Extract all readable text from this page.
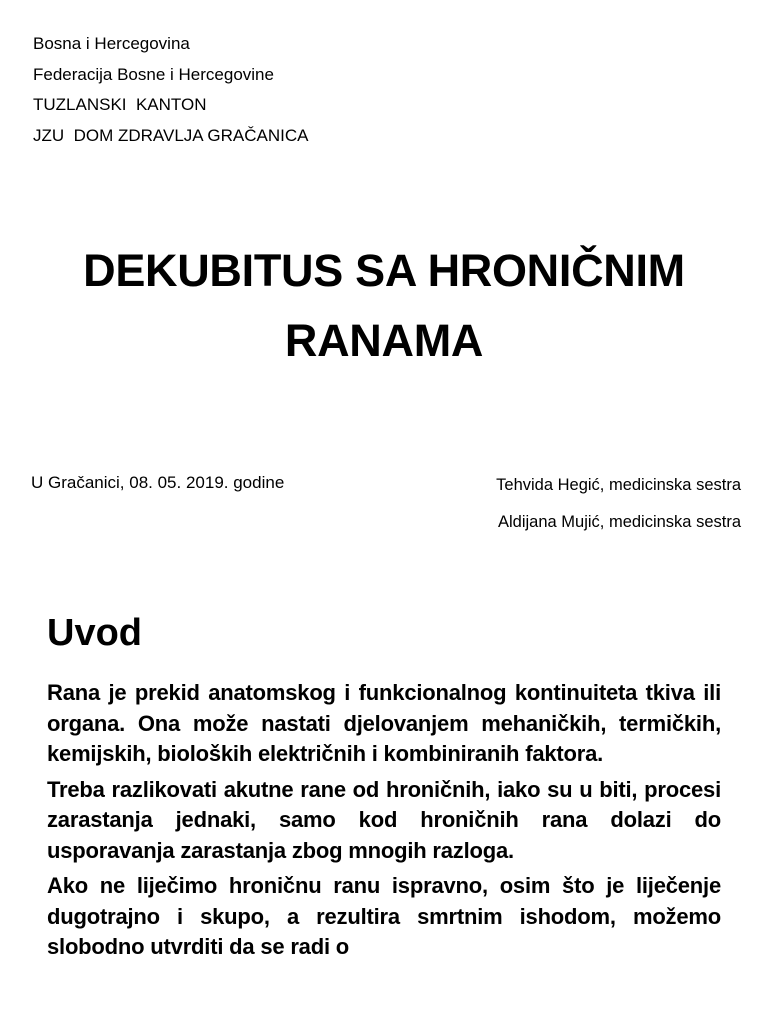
Bosna i Hercegovina
Federacija Bosne i Hercegovine
TUZLANSKI  KANTON
JZU  DOM ZDRAVLJA GRAČANICA
DEKUBITUS SA HRONIČNIM
RANAMA
U Gračanici, 08. 05. 2019. godine	Tehvida Hegić, medicinska sestra
Aldijana Mujić, medicinska sestra
Uvod

Rana je prekid anatomskog i funkcionalnog kontinuiteta tkiva ili organa. Ona može nastati djelovanjem mehaničkih, termičkih, kemijskih, bioloških električnih i kombiniranih faktora.

Treba razlikovati akutne rane od hroničnih, iako su u biti, procesi zarastanja jednaki, samo kod hroničnih rana dolazi do usporavanja zarastanja zbog mnogih razloga.

Ako ne liječimo hroničnu ranu ispravno, osim što je liječenje dugotrajno i skupo, a rezultira smrtnim ishodom, možemo slobodno utvrditi da se radi o
